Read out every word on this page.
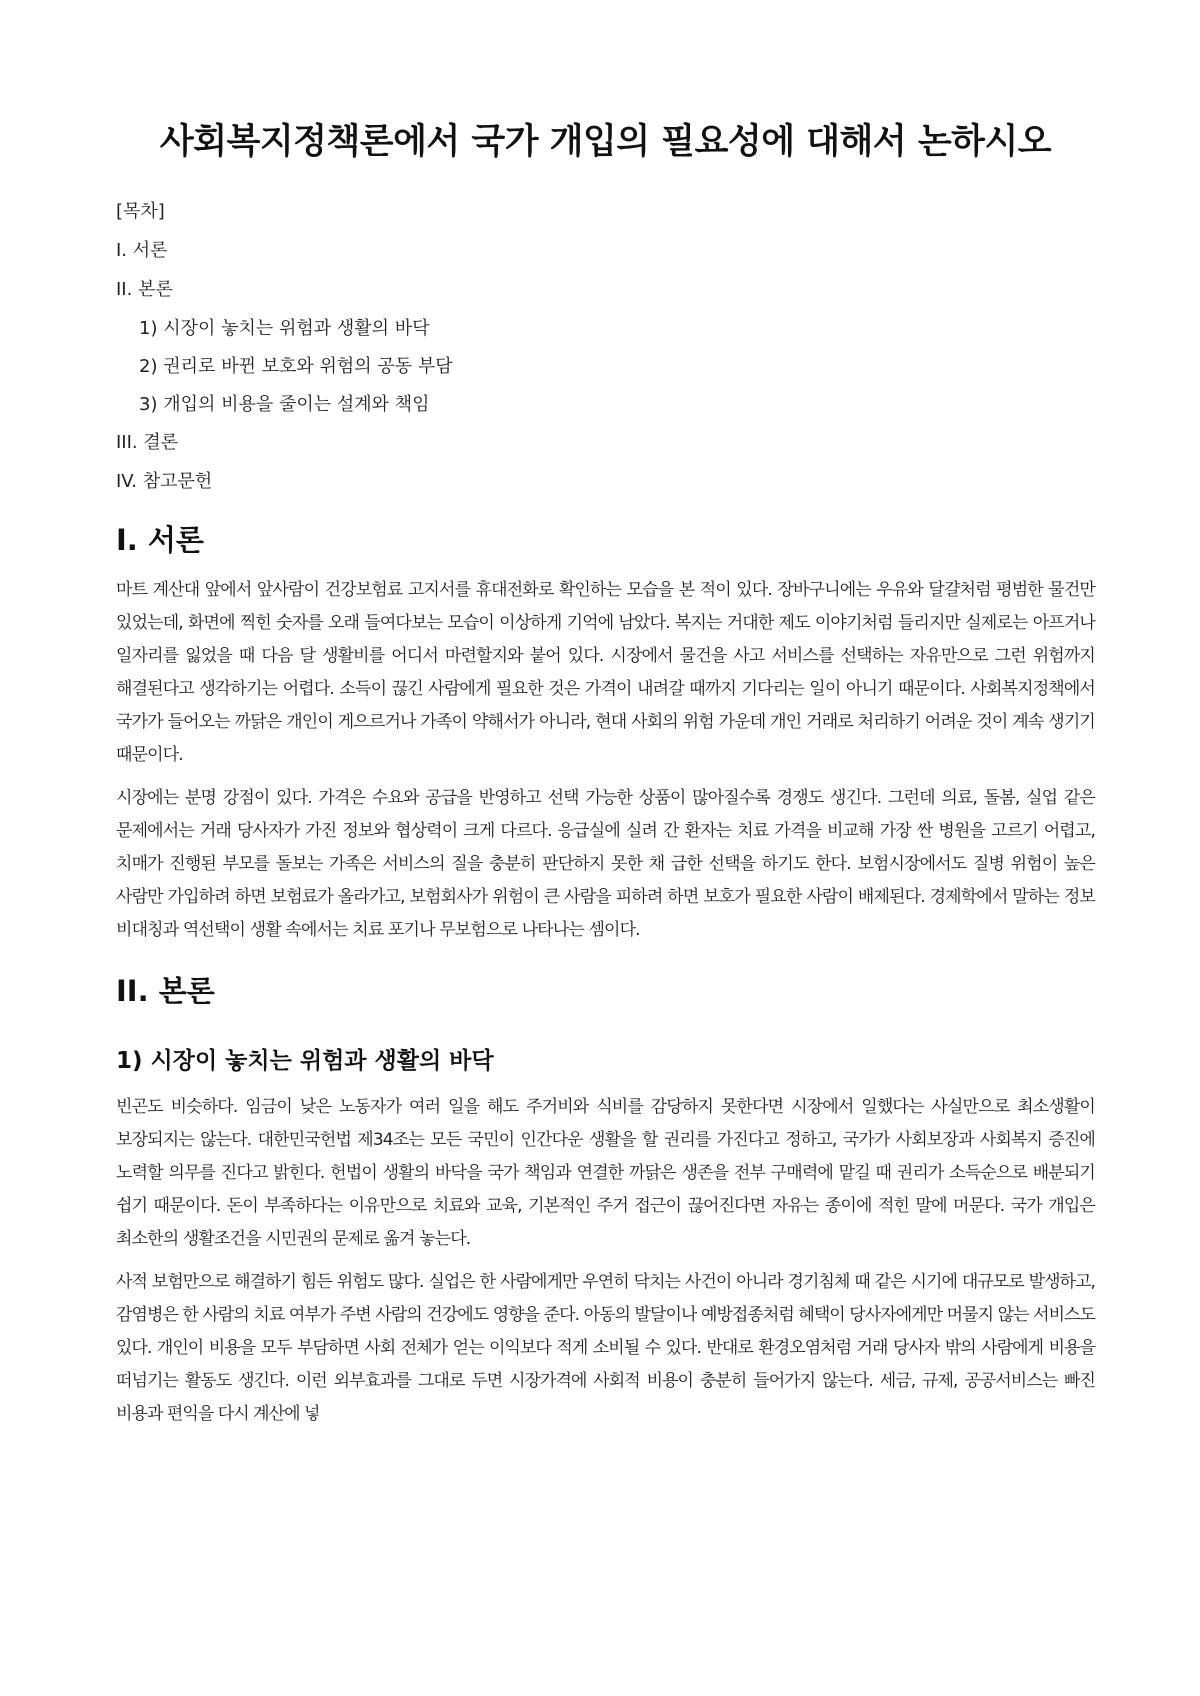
사회복지정책론에서 국가 개입의 필요성에 대해서 논하시오
[목차]
I. 서론
II. 본론
1) 시장이 놓치는 위험과 생활의 바닥
2) 권리로 바뀐 보호와 위험의 공동 부담
3) 개입의 비용을 줄이는 설계와 책임
III. 결론
IV. 참고문헌
I. 서론

마트 계산대 앞에서 앞사람이 건강보험료 고지서를 휴대전화로 확인하는 모습을 본 적이 있다. 장바구니에는 우유와 달걀처럼 평범한 물건만 있었는데, 화면에 찍힌 숫자를 오래 들여다보는 모습이 이상하게 기억에 남았다. 복지는 거대한 제도 이야기처럼 들리지만 실제로는 아프거나 일자리를 잃었을 때 다음 달 생활비를 어디서 마련할지와 붙어 있다. 시장에서 물건을 사고 서비스를 선택하는 자유만으로 그런 위험까지 해결된다고 생각하기는 어렵다. 소득이 끊긴 사람에게 필요한 것은 가격이 내려갈 때까지 기다리는 일이 아니기 때문이다. 사회복지정책에서 국가가 들어오는 까닭은 개인이 게으르거나 가족이 약해서가 아니라, 현대 사회의 위험 가운데 개인 거래로 처리하기 어려운 것이 계속 생기기 때문이다.

시장에는 분명 강점이 있다. 가격은 수요와 공급을 반영하고 선택 가능한 상품이 많아질수록 경쟁도 생긴다. 그런데 의료, 돌봄, 실업 같은 문제에서는 거래 당사자가 가진 정보와 협상력이 크게 다르다. 응급실에 실려 간 환자는 치료 가격을 비교해 가장 싼 병원을 고르기 어렵고, 치매가 진행된 부모를 돌보는 가족은 서비스의 질을 충분히 판단하지 못한 채 급한 선택을 하기도 한다. 보험시장에서도 질병 위험이 높은 사람만 가입하려 하면 보험료가 올라가고, 보험회사가 위험이 큰 사람을 피하려 하면 보호가 필요한 사람이 배제된다. 경제학에서 말하는 정보 비대칭과 역선택이 생활 속에서는 치료 포기나 무보험으로 나타나는 셈이다.

II. 본론
1) 시장이 놓치는 위험과 생활의 바닥

빈곤도 비슷하다. 임금이 낮은 노동자가 여러 일을 해도 주거비와 식비를 감당하지 못한다면 시장에서 일했다는 사실만으로 최소생활이 보장되지는 않는다. 대한민국헌법 제34조는 모든 국민이 인간다운 생활을 할 권리를 가진다고 정하고, 국가가 사회보장과 사회복지 증진에 노력할 의무를 진다고 밝힌다. 헌법이 생활의 바닥을 국가 책임과 연결한 까닭은 생존을 전부 구매력에 맡길 때 권리가 소득순으로 배분되기 쉽기 때문이다. 돈이 부족하다는 이유만으로 치료와 교육, 기본적인 주거 접근이 끊어진다면 자유는 종이에 적힌 말에 머문다. 국가 개입은 최소한의 생활조건을 시민권의 문제로 옮겨 놓는다.

사적 보험만으로 해결하기 힘든 위험도 많다. 실업은 한 사람에게만 우연히 닥치는 사건이 아니라 경기침체 때 같은 시기에 대규모로 발생하고, 감염병은 한 사람의 치료 여부가 주변 사람의 건강에도 영향을 준다. 아동의 발달이나 예방접종처럼 혜택이 당사자에게만 머물지 않는 서비스도 있다. 개인이 비용을 모두 부담하면 사회 전체가 얻는 이익보다 적게 소비될 수 있다. 반대로 환경오염처럼 거래 당사자 밖의 사람에게 비용을 떠넘기는 활동도 생긴다. 이런 외부효과를 그대로 두면 시장가격에 사회적 비용이 충분히 들어가지 않는다. 세금, 규제, 공공서비스는 빠진 비용과 편익을 다시 계산에 넣
